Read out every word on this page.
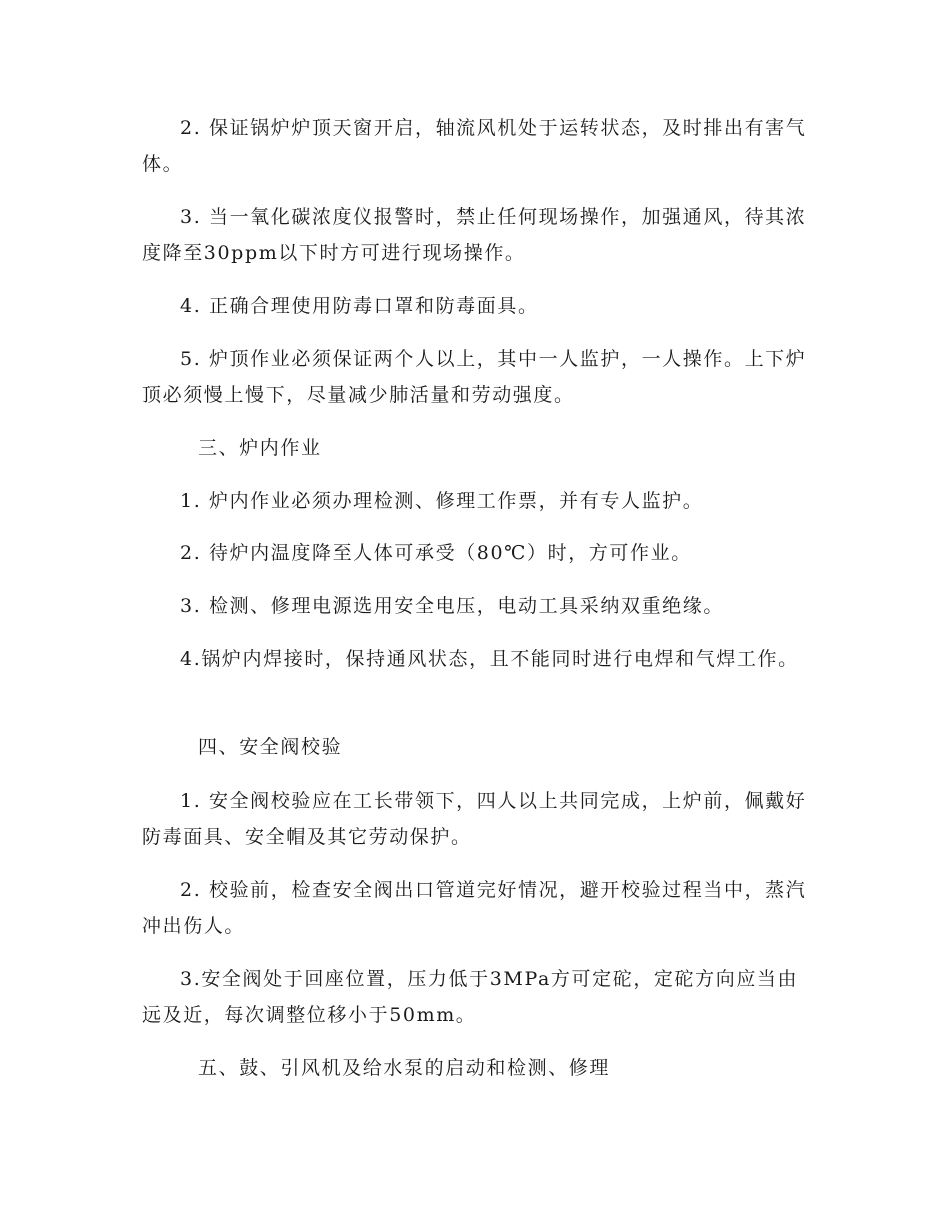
2. 保证锅炉炉顶天窗开启，轴流风机处于运转状态，及时排出有害气体。
3. 当一氧化碳浓度仪报警时，禁止任何现场操作，加强通风，待其浓度降至30ppm以下时方可进行现场操作。
4. 正确合理使用防毒口罩和防毒面具。
5. 炉顶作业必须保证两个人以上，其中一人监护，一人操作。上下炉顶必须慢上慢下，尽量减少肺活量和劳动强度。
三、炉内作业
1. 炉内作业必须办理检测、修理工作票，并有专人监护。
2. 待炉内温度降至人体可承受（80℃）时，方可作业。
3. 检测、修理电源选用安全电压，电动工具采纳双重绝缘。
4.锅炉内焊接时，保持通风状态，且不能同时进行电焊和气焊工作。
四、安全阀校验
1. 安全阀校验应在工长带领下，四人以上共同完成，上炉前，佩戴好防毒面具、安全帽及其它劳动保护。
2. 校验前，检查安全阀出口管道完好情况，避开校验过程当中，蒸汽冲出伤人。
3.安全阀处于回座位置，压力低于3MPa方可定砣，定砣方向应当由远及近，每次调整位移小于50mm。
五、鼓、引风机及给水泵的启动和检测、修理
